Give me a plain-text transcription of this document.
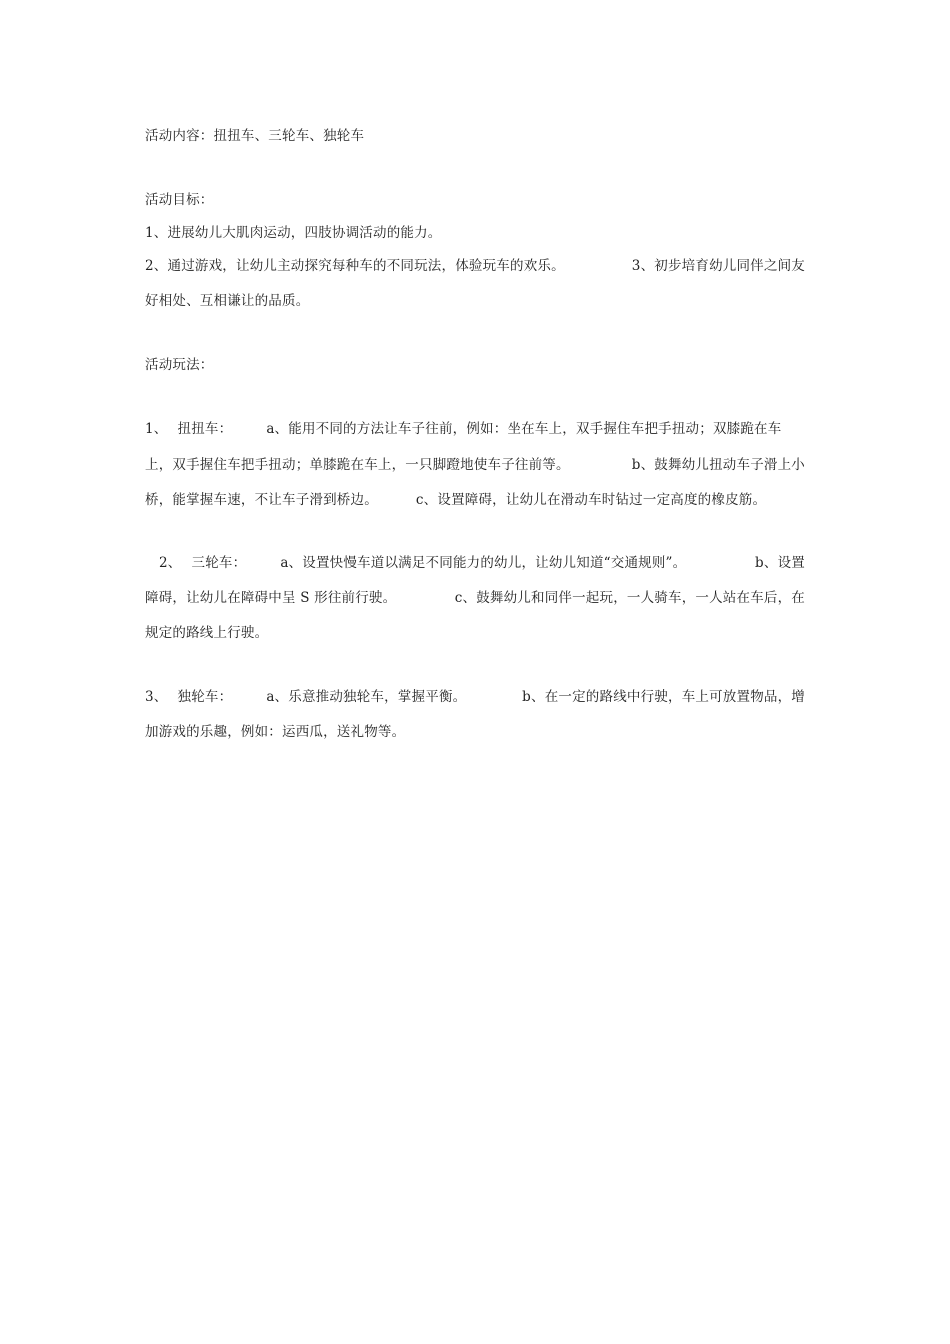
活动内容：扭扭车、三轮车、独轮车
活动目标：
1、进展幼儿大肌肉运动，四肢协调活动的能力。
2、通过游戏，让幼儿主动探究每种车的不同玩法，体验玩车的欢乐。	3、初步培育幼儿同伴之间友
好相处、互相谦让的品质。
活动玩法：
1、 扭扭车：	a、能用不同的方法让车子往前，例如：坐在车上，双手握住车把手扭动；双膝跪在车
上，双手握住车把手扭动；单膝跪在车上，一只脚蹬地使车子往前等。	b、鼓舞幼儿扭动车子滑上小
桥，能掌握车速，不让车子滑到桥边。	c、设置障碍，让幼儿在滑动车时钻过一定高度的橡皮筋。
2、 三轮车：	a、设置快慢车道以满足不同能力的幼儿，让幼儿知道“交通规则”。	b、设置
障碍，让幼儿在障碍中呈 S 形往前行驶。	c、鼓舞幼儿和同伴一起玩，一人骑车，一人站在车后，在
规定的路线上行驶。
3、 独轮车：	a、乐意推动独轮车，掌握平衡。	b、在一定的路线中行驶，车上可放置物品，增
加游戏的乐趣，例如：运西瓜，送礼物等。
